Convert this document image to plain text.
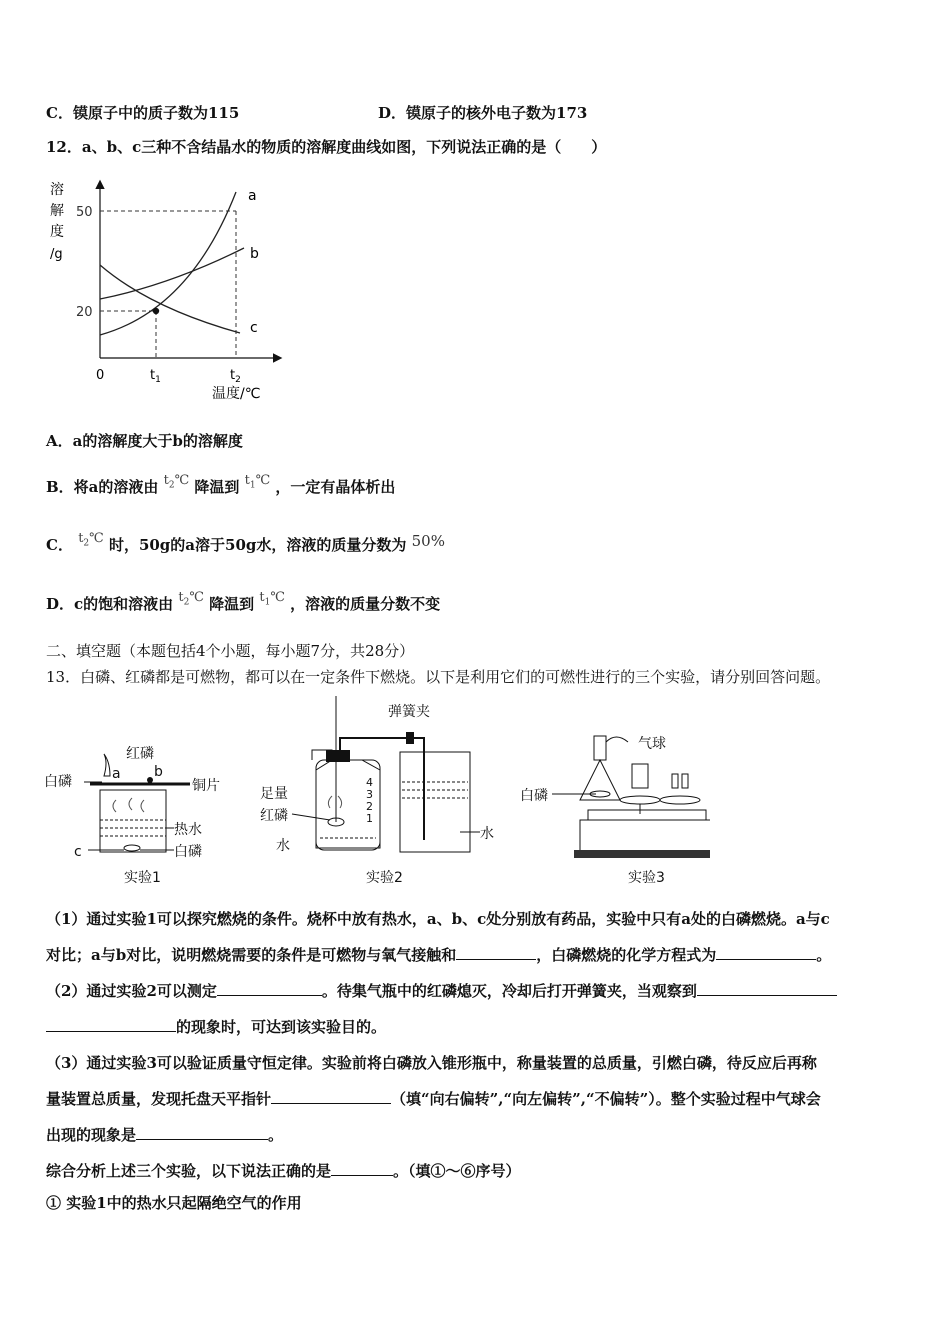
C．镆原子中的质子数为115	D．镆原子的核外电子数为173
12．a、b、c三种不含结晶水的物质的溶解度曲线如图，下列说法正确的是（　　）
溶
解
度
/g
50
20
a
b
c
0	$t_1$	$t_2$
温度/℃
A．a的溶解度大于b的溶解度
B．将a的溶液由 $t_2℃$ 降温到 $t_1℃$ ，一定有晶体析出
C． $t_2℃$ 时，50g的a溶于50g水，溶液的质量分数为 50%
D．c的饱和溶液由 $t_2℃$ 降温到 $t_1℃$ ，溶液的质量分数不变
二、填空题（本题包括4个小题，每小题7分，共28分）
13．白磷、红磷都是可燃物，都可以在一定条件下燃烧。以下是利用它们的可燃性进行的三个实验，请分别回答问题。
红磷
白磷	a b
铜片
热水
c	白磷
实验1
弹簧夹
足量
红磷
水
水
4
3
2
1
实验2
气球
白磷
实验3
（1）通过实验1可以探究燃烧的条件。烧杯中放有热水，a、b、c处分别放有药品，实验中只有a处的白磷燃烧。a与c
对比；a与b对比，说明燃烧需要的条件是可燃物与氧气接触和	，白磷燃烧的化学方程式为	。
（2）通过实验2可以测定	。待集气瓶中的红磷熄灭，冷却后打开弹簧夹，当观察到
的现象时，可达到该实验目的。
（3）通过实验3可以验证质量守恒定律。实验前将白磷放入锥形瓶中，称量装置的总质量，引燃白磷，待反应后再称
量装置总质量，发现托盘天平指针	（填“向右偏转”,“向左偏转”,“不偏转”）。整个实验过程中气球会
出现的现象是	。
综合分析上述三个实验，以下说法正确的是	。（填①～⑥序号）
① 实验1中的热水只起隔绝空气的作用
